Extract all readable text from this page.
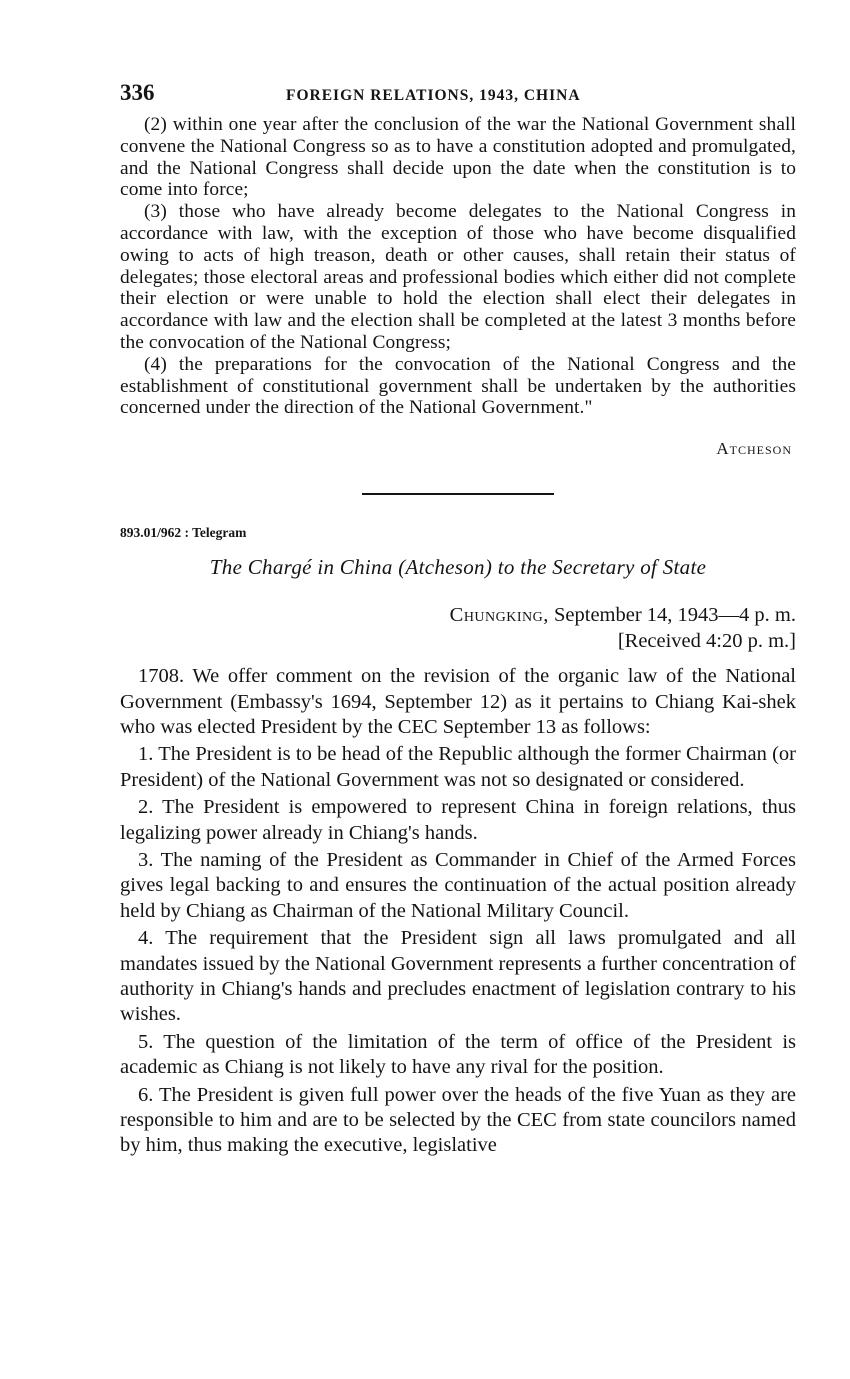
336	FOREIGN RELATIONS, 1943, CHINA

(2) within one year after the conclusion of the war the National Government shall convene the National Congress so as to have a constitution adopted and promulgated, and the National Congress shall decide upon the date when the constitution is to come into force;

(3) those who have already become delegates to the National Congress in accordance with law, with the exception of those who have become disqualified owing to acts of high treason, death or other causes, shall retain their status of delegates; those electoral areas and professional bodies which either did not complete their election or were unable to hold the election shall elect their delegates in accordance with law and the election shall be completed at the latest 3 months before the convocation of the National Congress;

(4) the preparations for the convocation of the National Congress and the establishment of constitutional government shall be undertaken by the authorities concerned under the direction of the National Government."

Atcheson
893.01/962 : Telegram
The Chargé in China (Atcheson) to the Secretary of State
Chungking, September 14, 1943—4 p. m.
[Received 4:20 p. m.]

1708. We offer comment on the revision of the organic law of the National Government (Embassy's 1694, September 12) as it pertains to Chiang Kai-shek who was elected President by the CEC September 13 as follows:

1. The President is to be head of the Republic although the former Chairman (or President) of the National Government was not so designated or considered.

2. The President is empowered to represent China in foreign relations, thus legalizing power already in Chiang's hands.

3. The naming of the President as Commander in Chief of the Armed Forces gives legal backing to and ensures the continuation of the actual position already held by Chiang as Chairman of the National Military Council.

4. The requirement that the President sign all laws promulgated and all mandates issued by the National Government represents a further concentration of authority in Chiang's hands and precludes enactment of legislation contrary to his wishes.

5. The question of the limitation of the term of office of the President is academic as Chiang is not likely to have any rival for the position.

6. The President is given full power over the heads of the five Yuan as they are responsible to him and are to be selected by the CEC from state councilors named by him, thus making the executive, legislative
